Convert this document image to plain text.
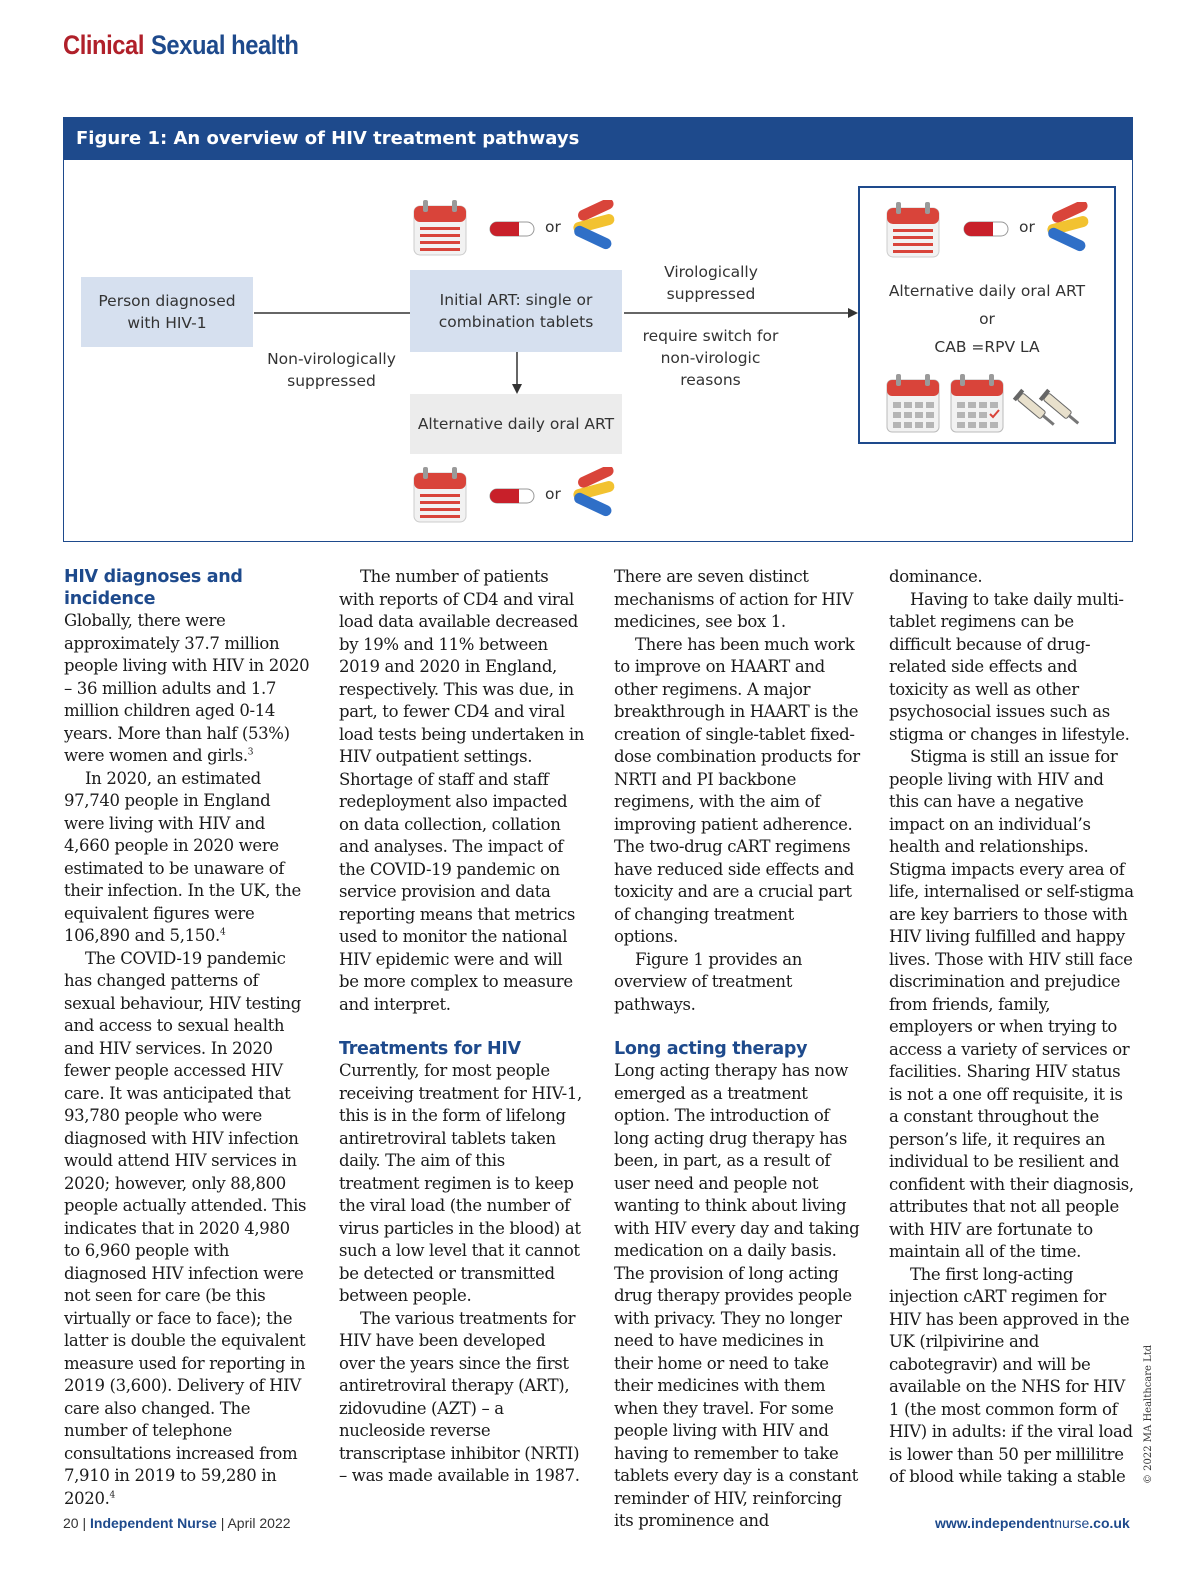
Clinical Sexual health
Figure 1: An overview of HIV treatment pathways
Person diagnosed with HIV-1
Initial ART: single or combination tablets
Alternative daily oral ART
Non-virologically suppressed
Virologically suppressed
require switch for non-virologic reasons
or
or
or
Alternative daily oral ART
or
CAB =RPV LA
HIV diagnoses and incidence

Globally, there were approximately 37.7 million people living with HIV in 2020 – 36 million adults and 1.7 million children aged 0-14 years. More than half (53%) were women and girls.$^3$

In 2020, an estimated 97,740 people in England were living with HIV and 4,660 people in 2020 were estimated to be unaware of their infection. In the UK, the equivalent figures were 106,890 and 5,150.$^4$

The COVID-19 pandemic has changed patterns of sexual behaviour, HIV testing and access to sexual health and HIV services. In 2020 fewer people accessed HIV care. It was anticipated that 93,780 people who were diagnosed with HIV infection would attend HIV services in 2020; however, only 88,800 people actually attended. This indicates that in 2020 4,980 to 6,960 people with diagnosed HIV infection were not seen for care (be this virtually or face to face); the latter is double the equivalent measure used for reporting in 2019 (3,600). Delivery of HIV care also changed. The number of telephone consultations increased from 7,910 in 2019 to 59,280 in 2020.$^4$

The number of patients with reports of CD4 and viral load data available decreased by 19% and 11% between 2019 and 2020 in England, respectively. This was due, in part, to fewer CD4 and viral load tests being undertaken in HIV outpatient settings. Shortage of staff and staff redeployment also impacted on data collection, collation and analyses. The impact of the COVID-19 pandemic on service provision and data reporting means that metrics used to monitor the national HIV epidemic were and will be more complex to measure and interpret.

Treatments for HIV

Currently, for most people receiving treatment for HIV-1, this is in the form of lifelong antiretroviral tablets taken daily. The aim of this treatment regimen is to keep the viral load (the number of virus particles in the blood) at such a low level that it cannot be detected or transmitted between people.

The various treatments for HIV have been developed over the years since the first antiretroviral therapy (ART), zidovudine (AZT) – a nucleoside reverse transcriptase inhibitor (NRTI) – was made available in 1987.

There are seven distinct mechanisms of action for HIV medicines, see box 1.

There has been much work to improve on HAART and other regimens. A major breakthrough in HAART is the creation of single-tablet fixed-dose combination products for NRTI and PI backbone regimens, with the aim of improving patient adherence. The two-drug cART regimens have reduced side effects and toxicity and are a crucial part of changing treatment options.

Figure 1 provides an overview of treatment pathways.

Long acting therapy

Long acting therapy has now emerged as a treatment option. The introduction of long acting drug therapy has been, in part, as a result of user need and people not wanting to think about living with HIV every day and taking medication on a daily basis. The provision of long acting drug therapy provides people with privacy. They no longer need to have medicines in their home or need to take their medicines with them when they travel. For some people living with HIV and having to remember to take tablets every day is a constant reminder of HIV, reinforcing its prominence and

dominance.

Having to take daily multi-tablet regimens can be difficult because of drug-related side effects and toxicity as well as other psychosocial issues such as stigma or changes in lifestyle.

Stigma is still an issue for people living with HIV and this can have a negative impact on an individual’s health and relationships. Stigma impacts every area of life, internalised or self-stigma are key barriers to those with HIV living fulfilled and happy lives. Those with HIV still face discrimination and prejudice from friends, family, employers or when trying to access a variety of services or facilities. Sharing HIV status is not a one off requisite, it is a constant throughout the person’s life, it requires an individual to be resilient and confident with their diagnosis, attributes that not all people with HIV are fortunate to maintain all of the time.

The first long-acting injection cART regimen for HIV has been approved in the UK (rilpivirine and cabotegravir) and will be available on the NHS for HIV 1 (the most common form of HIV) in adults: if the viral load is lower than 50 per millilitre of blood while taking a stable	© 2022 MA Healthcare Ltd
20 | Independent Nurse | April 2022	www.independentnurse.co.uk
